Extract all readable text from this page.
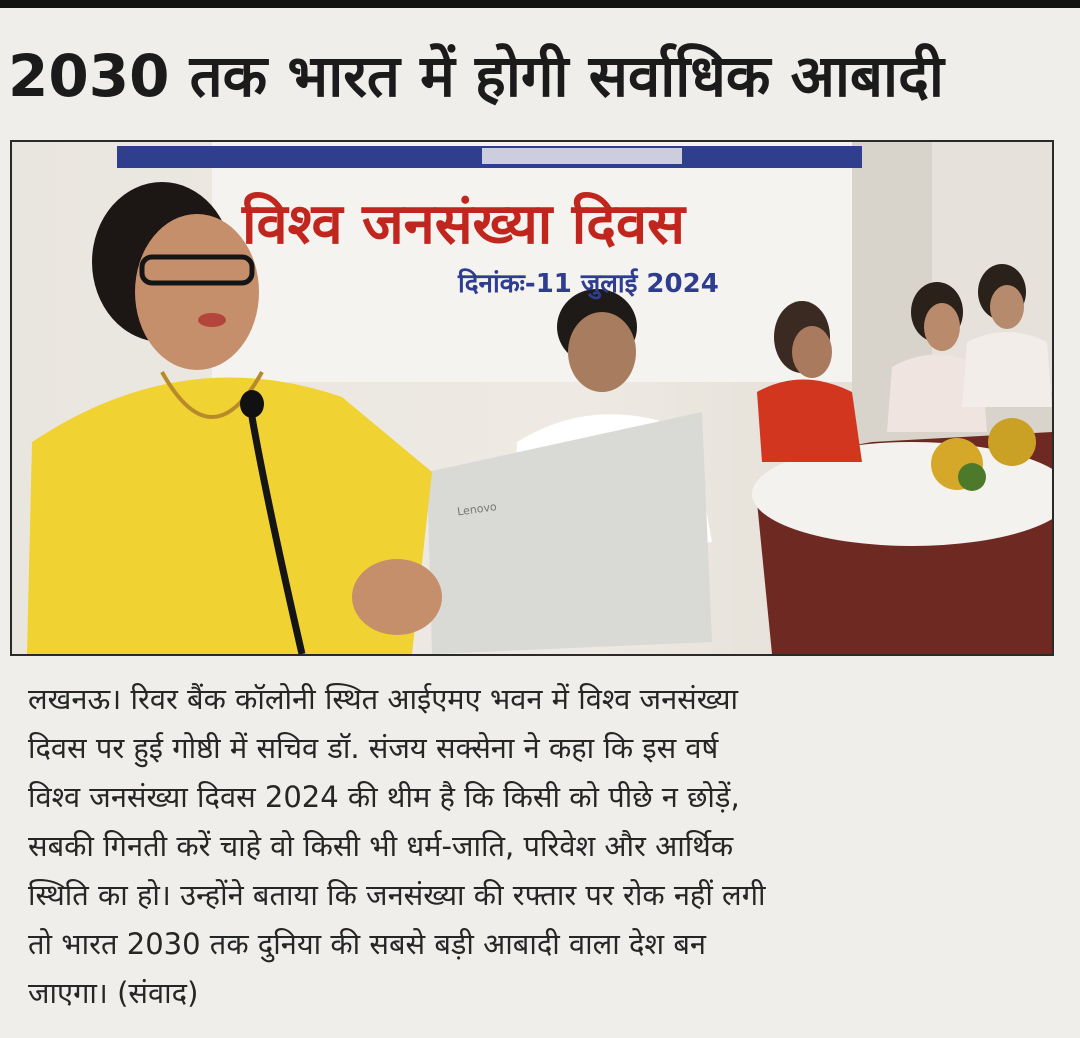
2030 तक भारत में होगी सर्वाधिक आबादी
विश्व जनसंख्या दिवस
दिनांकः-11 जुलाई 2024
Lenovo

लखनऊ। रिवर बैंक कॉलोनी स्थित आईएमए भवन में विश्व जनसंख्या
दिवस पर हुई गोष्ठी में सचिव डॉ. संजय सक्सेना ने कहा कि इस वर्ष
विश्व जनसंख्या दिवस 2024 की थीम है कि किसी को पीछे न छोड़ें,
सबकी गिनती करें चाहे वो किसी भी धर्म-जाति, परिवेश और आर्थिक
स्थिति का हो। उन्होंने बताया कि जनसंख्या की रफ्तार पर रोक नहीं लगी
तो भारत 2030 तक दुनिया की सबसे बड़ी आबादी वाला देश बन
जाएगा। (संवाद)
